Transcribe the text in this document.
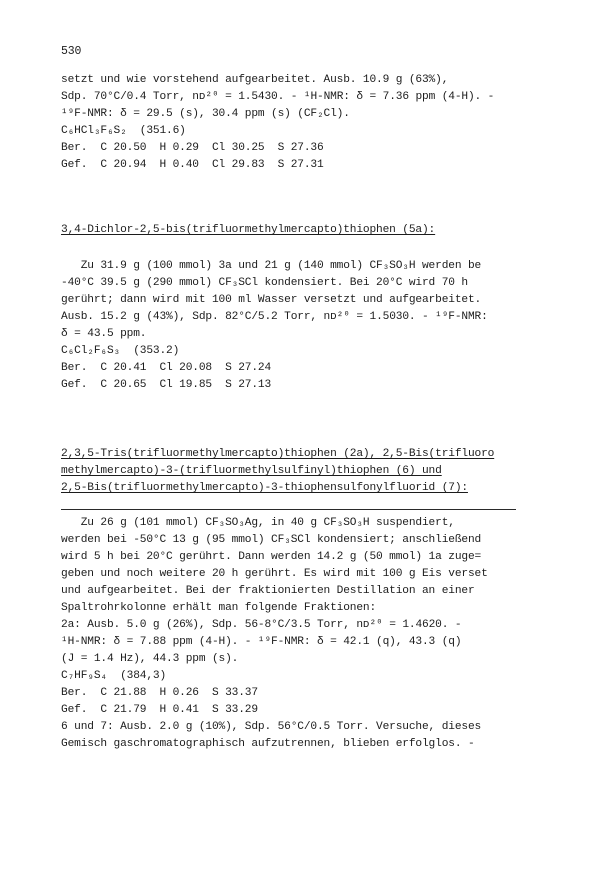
530
setzt und wie vorstehend aufgearbeitet. Ausb. 10.9 g (63%),
Sdp. 70°C/0.4 Torr, nᴅ²⁰ = 1.5430. - ¹H-NMR: δ = 7.36 ppm (4-H). -
¹⁹F-NMR: δ = 29.5 (s), 30.4 ppm (s) (CF₂Cl).
C₆HCl₃F₆S₂  (351.6)
Ber.  C 20.50  H 0.29  Cl 30.25  S 27.36
Gef.  C 20.94  H 0.40  Cl 29.83  S 27.31
3,4-Dichlor-2,5-bis(trifluormethylmercapto)thiophen (5a):
Zu 31.9 g (100 mmol) 3a und 21 g (140 mmol) CF₃SO₃H werden be
-40°C 39.5 g (290 mmol) CF₃SCl kondensiert. Bei 20°C wird 70 h
gerührt; dann wird mit 100 ml Wasser versetzt und aufgearbeitet.
Ausb. 15.2 g (43%), Sdp. 82°C/5.2 Torr, nᴅ²⁰ = 1.5030. - ¹⁹F-NMR:
δ = 43.5 ppm.
C₆Cl₂F₆S₃  (353.2)
Ber.  C 20.41  Cl 20.08  S 27.24
Gef.  C 20.65  Cl 19.85  S 27.13
2,3,5-Tris(trifluormethylmercapto)thiophen (2a), 2,5-Bis(trifluoro
methylmercapto)-3-(trifluormethylsulfinyl)thiophen (6) und
2,5-Bis(trifluormethylmercapto)-3-thiophensulfonylfluorid (7):
Zu 26 g (101 mmol) CF₃SO₃Ag, in 40 g CF₃SO₃H suspendiert,
werden bei -50°C 13 g (95 mmol) CF₃SCl kondensiert; anschließend
wird 5 h bei 20°C gerührt. Dann werden 14.2 g (50 mmol) 1a zuge=
geben und noch weitere 20 h gerührt. Es wird mit 100 g Eis verset
und aufgearbeitet. Bei der fraktionierten Destillation an einer
Spaltrohrkolonne erhält man folgende Fraktionen:
2a: Ausb. 5.0 g (26%), Sdp. 56-8°C/3.5 Torr, nᴅ²⁰ = 1.4620. -
¹H-NMR: δ = 7.88 ppm (4-H). - ¹⁹F-NMR: δ = 42.1 (q), 43.3 (q)
(J = 1.4 Hz), 44.3 ppm (s).
C₇HF₉S₄  (384,3)
Ber.  C 21.88  H 0.26  S 33.37
Gef.  C 21.79  H 0.41  S 33.29
6 und 7: Ausb. 2.0 g (10%), Sdp. 56°C/0.5 Torr. Versuche, dieses
Gemisch gaschromatographisch aufzutrennen, blieben erfolglos. -
